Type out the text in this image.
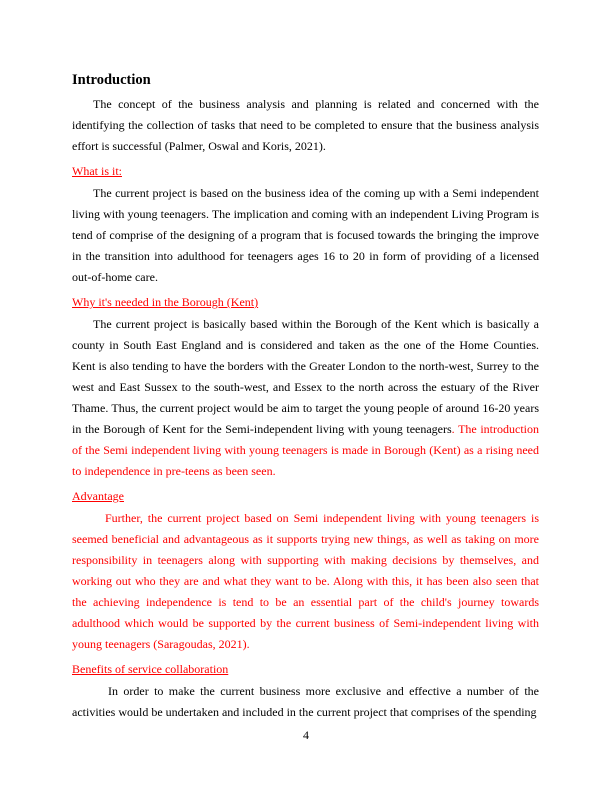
Introduction

The concept of the business analysis and planning is related and concerned with the identifying the collection of tasks that need to be completed to ensure that the business analysis effort is successful (Palmer, Oswal and Koris, 2021).

What is it:

The current project is based on the business idea of the coming up with a Semi independent living with young teenagers. The implication and coming with an independent Living Program is tend of comprise of the designing of a program that is focused towards the bringing the improve in the transition into adulthood for teenagers ages 16 to 20 in form of providing of a licensed out-of-home care.

Why it's needed in the Borough (Kent)

The current project is basically based within the Borough of the Kent which is basically a county in South East England and is considered and taken as the one of the Home Counties. Kent is also tending to have the borders with the Greater London to the north-west, Surrey to the west and East Sussex to the south-west, and Essex to the north across the estuary of the River Thame. Thus, the current project would be aim to target the young people of around 16-20 years in the Borough of Kent for the Semi-independent living with young teenagers. The introduction of the Semi independent living with young teenagers is made in Borough (Kent) as a rising need to independence in pre-teens as been seen.

Advantage

Further, the current project based on Semi independent living with young teenagers is seemed beneficial and advantageous as it supports trying new things, as well as taking on more responsibility in teenagers along with supporting with making decisions by themselves, and working out who they are and what they want to be. Along with this, it has been also seen that the achieving independence is tend to be an essential part of the child's journey towards adulthood which would be supported by the current business of Semi-independent living with young teenagers (Saragoudas, 2021).

Benefits of service collaboration

In order to make the current business more exclusive and effective a number of the activities would be undertaken and included in the current project that comprises of the spending

4
